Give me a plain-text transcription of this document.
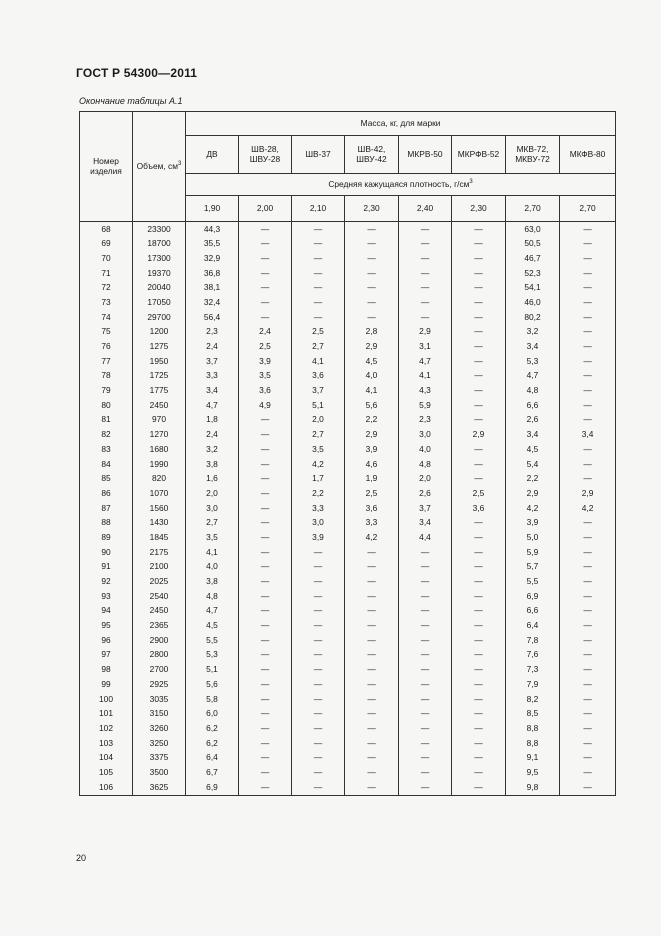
ГОСТ Р 54300—2011
Окончание таблицы А.1
Номер изделия	Объем, $см^3$	Масса, кг, для марки							
		ДВ	ШВ-28, ШВУ-28	ШВ-37	ШВ-42, ШВУ-42	МКРВ-50	МКРФВ-52	МКВ-72, МКВУ-72	МКФВ-80
		Средняя кажущаяся плотность, $г/см^3$
		1,90	2,00	2,10	2,30	2,40	2,30	2,70	2,70
68	23300	44,3	—	—	—	—	—	63,0	—
69	18700	35,5	—	—	—	—	—	50,5	—
70	17300	32,9	—	—	—	—	—	46,7	—
71	19370	36,8	—	—	—	—	—	52,3	—
72	20040	38,1	—	—	—	—	—	54,1	—
73	17050	32,4	—	—	—	—	—	46,0	—
74	29700	56,4	—	—	—	—	—	80,2	—
75	1200	2,3	2,4	2,5	2,8	2,9	—	3,2	—
76	1275	2,4	2,5	2,7	2,9	3,1	—	3,4	—
77	1950	3,7	3,9	4,1	4,5	4,7	—	5,3	—
78	1725	3,3	3,5	3,6	4,0	4,1	—	4,7	—
79	1775	3,4	3,6	3,7	4,1	4,3	—	4,8	—
80	2450	4,7	4,9	5,1	5,6	5,9	—	6,6	—
81	970	1,8	—	2,0	2,2	2,3	—	2,6	—
82	1270	2,4	—	2,7	2,9	3,0	2,9	3,4	3,4
83	1680	3,2	—	3,5	3,9	4,0	—	4,5	—
84	1990	3,8	—	4,2	4,6	4,8	—	5,4	—
85	820	1,6	—	1,7	1,9	2,0	—	2,2	—
86	1070	2,0	—	2,2	2,5	2,6	2,5	2,9	2,9
87	1560	3,0	—	3,3	3,6	3,7	3,6	4,2	4,2
88	1430	2,7	—	3,0	3,3	3,4	—	3,9	—
89	1845	3,5	—	3,9	4,2	4,4	—	5,0	—
90	2175	4,1	—	—	—	—	—	5,9	—
91	2100	4,0	—	—	—	—	—	5,7	—
92	2025	3,8	—	—	—	—	—	5,5	—
93	2540	4,8	—	—	—	—	—	6,9	—
94	2450	4,7	—	—	—	—	—	6,6	—
95	2365	4,5	—	—	—	—	—	6,4	—
96	2900	5,5	—	—	—	—	—	7,8	—
97	2800	5,3	—	—	—	—	—	7,6	—
98	2700	5,1	—	—	—	—	—	7,3	—
99	2925	5,6	—	—	—	—	—	7,9	—
100	3035	5,8	—	—	—	—	—	8,2	—
101	3150	6,0	—	—	—	—	—	8,5	—
102	3260	6,2	—	—	—	—	—	8,8	—
103	3250	6,2	—	—	—	—	—	8,8	—
104	3375	6,4	—	—	—	—	—	9,1	—
105	3500	6,7	—	—	—	—	—	9,5	—
106	3625	6,9	—	—	—	—	—	9,8	—
20
